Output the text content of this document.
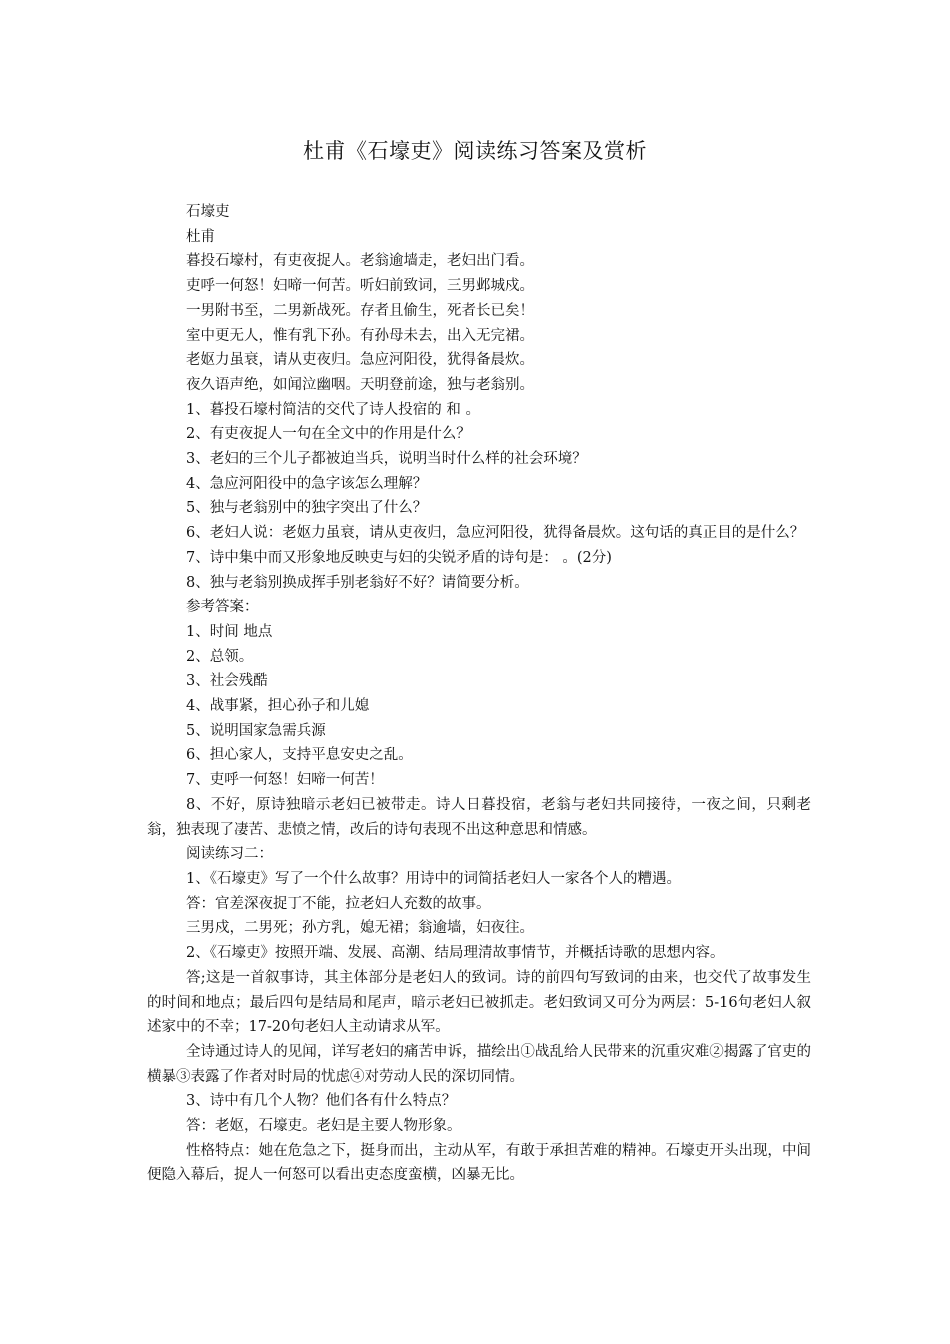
杜甫《石壕吏》阅读练习答案及赏析

石壕吏

杜甫

暮投石壕村，有吏夜捉人。老翁逾墙走，老妇出门看。

吏呼一何怒！妇啼一何苦。听妇前致词，三男邺城戍。

一男附书至，二男新战死。存者且偷生，死者长已矣！

室中更无人，惟有乳下孙。有孙母未去，出入无完裙。

老妪力虽衰，请从吏夜归。急应河阳役，犹得备晨炊。

夜久语声绝，如闻泣幽咽。天明登前途，独与老翁别。

1、暮投石壕村简洁的交代了诗人投宿的 和 。

2、有吏夜捉人一句在全文中的作用是什么？

3、老妇的三个儿子都被迫当兵，说明当时什么样的社会环境？

4、急应河阳役中的急字该怎么理解？

5、独与老翁别中的独字突出了什么？

6、老妇人说：老妪力虽衰，请从吏夜归，急应河阳役，犹得备晨炊。这句话的真正目的是什么？

7、诗中集中而又形象地反映吏与妇的尖锐矛盾的诗句是： 。(2分)

8、独与老翁别换成挥手别老翁好不好？请简要分析。

参考答案：

1、时间 地点

2、总领。

3、社会残酷

4、战事紧，担心孙子和儿媳

5、说明国家急需兵源

6、担心家人，支持平息安史之乱。

7、吏呼一何怒！妇啼一何苦！

8、不好，原诗独暗示老妇已被带走。诗人日暮投宿，老翁与老妇共同接待，一夜之间，只剩老翁，独表现了凄苦、悲愤之情，改后的诗句表现不出这种意思和情感。

阅读练习二：

1、《石壕吏》写了一个什么故事？用诗中的词简括老妇人一家各个人的糟遇。

答：官差深夜捉丁不能，拉老妇人充数的故事。

三男戍，二男死；孙方乳，媳无裙；翁逾墙，妇夜往。

2、《石壕吏》按照开端、发展、高潮、结局理清故事情节，并概括诗歌的思想内容。

答;这是一首叙事诗，其主体部分是老妇人的致词。诗的前四句写致词的由来，也交代了故事发生的时间和地点；最后四句是结局和尾声，暗示老妇已被抓走。老妇致词又可分为两层：5-16句老妇人叙述家中的不幸；17-20句老妇人主动请求从军。

全诗通过诗人的见闻，详写老妇的痛苦申诉，描绘出①战乱给人民带来的沉重灾难②揭露了官吏的横暴③表露了作者对时局的忧虑④对劳动人民的深切同情。

3、诗中有几个人物？他们各有什么特点？

答：老妪，石壕吏。老妇是主要人物形象。

性格特点：她在危急之下，挺身而出，主动从军，有敢于承担苦难的精神。石壕吏开头出现，中间便隐入幕后，捉人一何怒可以看出吏态度蛮横，凶暴无比。
